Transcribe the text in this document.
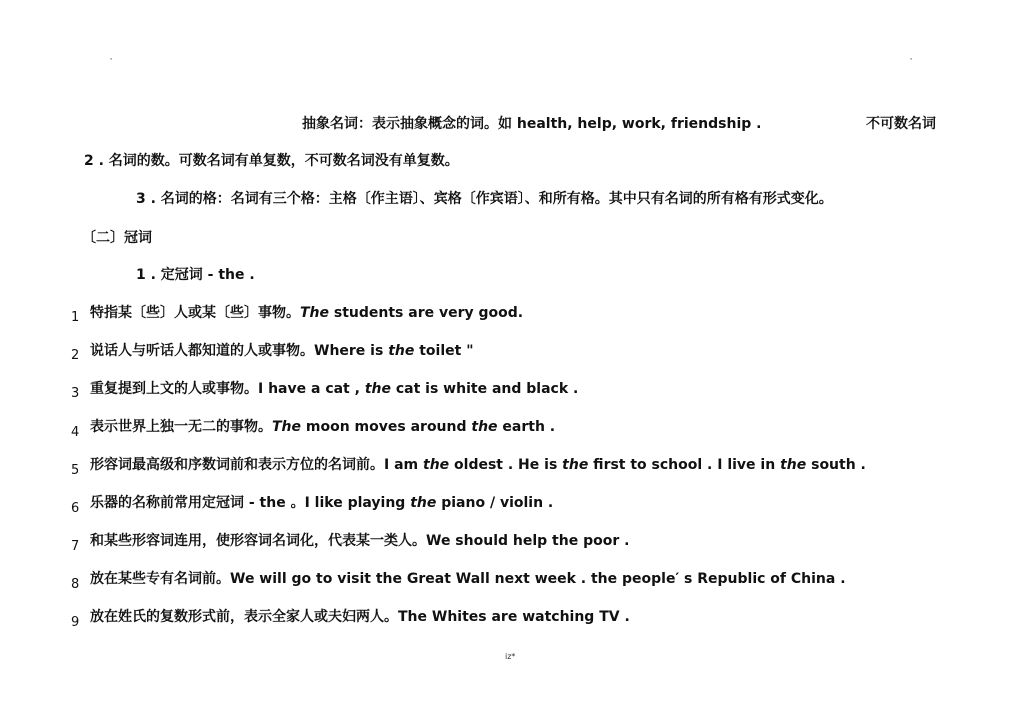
·	·
抽象名词：表示抽象概念的词。如 health, help, work, friendship .	不可数名词
2 . 名词的数。可数名词有单复数，不可数名词没有单复数。
3 . 名词的格：名词有三个格：主格〔作主语〕、宾格〔作宾语〕、和所有格。其中只有名词的所有格有形式变化。
〔二〕冠词
1 . 定冠词 - the .
1 特指某〔些〕人或某〔些〕事物。The students are very good.
2 说话人与听话人都知道的人或事物。Where is the toilet "
3 重复提到上文的人或事物。I have a cat , the cat is white and black .
4 表示世界上独一无二的事物。The moon moves around the earth .
5 形容词最高级和序数词前和表示方位的名词前。I am the oldest . He is the first to school . I live in the south .
6 乐器的名称前常用定冠词 - the 。I like playing the piano / violin .
7 和某些形容词连用，使形容词名词化，代表某一类人。We should help the poor .
8 放在某些专有名词前。We will go to visit the Great Wall next week . the people′ s Republic of China .
9 放在姓氏的复数形式前，表示全家人或夫妇两人。The Whites are watching TV .
iz*
